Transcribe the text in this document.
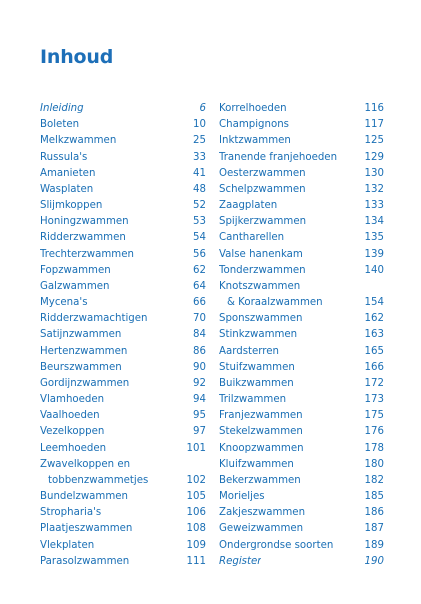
Inhoud
Inleiding	6
Boleten	10
Melkzwammen	25
Russula's	33
Amanieten	41
Wasplaten	48
Slijmkoppen	52
Honingzwammen	53
Ridderzwammen	54
Trechterzwammen	56
Fopzwammen	62
Galzwammen	64
Mycena's	66
Ridderzwamachtigen	70
Satijnzwammen	84
Hertenzwammen	86
Beurszwammen	90
Gordijnzwammen	92
Vlamhoeden	94
Vaalhoeden	95
Vezelkoppen	97
Leemhoeden	101
Zwavelkoppen en
tobbenzwammetjes	102
Bundelzwammen	105
Stropharia's	106
Plaatjeszwammen	108
Vlekplaten	109
Parasolzwammen	111
Korrelhoeden	116
Champignons	117
Inktzwammen	125
Tranende franjehoeden	129
Oesterzwammen	130
Schelpzwammen	132
Zaagplaten	133
Spijkerzwammen	134
Cantharellen	135
Valse hanenkam	139
Tonderzwammen	140
Knotszwammen
& Koraalzwammen	154
Sponszwammen	162
Stinkzwammen	163
Aardsterren	165
Stuifzwammen	166
Buikzwammen	172
Trilzwammen	173
Franjezwammen	175
Stekelzwammen	176
Knoopzwammen	178
Kluifzwammen	180
Bekerzwammen	182
Morieljes	185
Zakjeszwammen	186
Geweizwammen	187
Ondergrondse soorten	189
Register	190
